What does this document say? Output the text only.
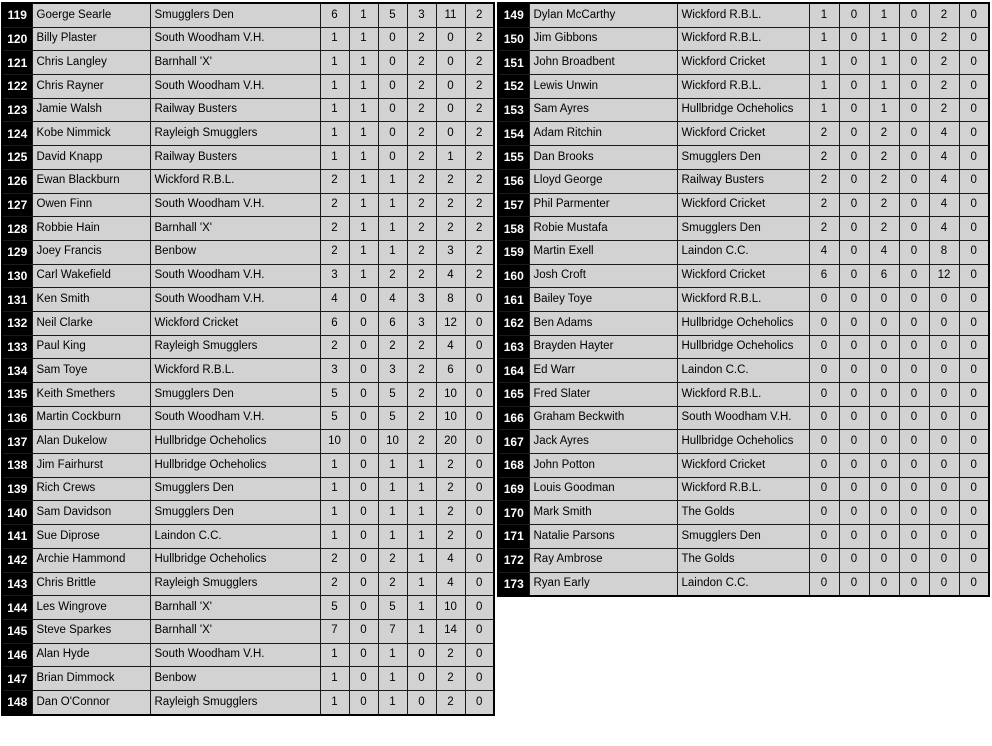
119	Goerge Searle	Smugglers Den	6	1	5	3	11	2
120	Billy Plaster	South Woodham V.H.	1	1	0	2	0	2
121	Chris Langley	Barnhall 'X'	1	1	0	2	0	2
122	Chris Rayner	South Woodham V.H.	1	1	0	2	0	2
123	Jamie Walsh	Railway Busters	1	1	0	2	0	2
124	Kobe Nimmick	Rayleigh Smugglers	1	1	0	2	0	2
125	David Knapp	Railway Busters	1	1	0	2	1	2
126	Ewan Blackburn	Wickford R.B.L.	2	1	1	2	2	2
127	Owen Finn	South Woodham V.H.	2	1	1	2	2	2
128	Robbie Hain	Barnhall 'X'	2	1	1	2	2	2
129	Joey Francis	Benbow	2	1	1	2	3	2
130	Carl Wakefield	South Woodham V.H.	3	1	2	2	4	2
131	Ken Smith	South Woodham V.H.	4	0	4	3	8	0
132	Neil Clarke	Wickford Cricket	6	0	6	3	12	0
133	Paul King	Rayleigh Smugglers	2	0	2	2	4	0
134	Sam Toye	Wickford R.B.L.	3	0	3	2	6	0
135	Keith Smethers	Smugglers Den	5	0	5	2	10	0
136	Martin Cockburn	South Woodham V.H.	5	0	5	2	10	0
137	Alan Dukelow	Hullbridge Ocheholics	10	0	10	2	20	0
138	Jim Fairhurst	Hullbridge Ocheholics	1	0	1	1	2	0
139	Rich Crews	Smugglers Den	1	0	1	1	2	0
140	Sam Davidson	Smugglers Den	1	0	1	1	2	0
141	Sue Diprose	Laindon C.C.	1	0	1	1	2	0
142	Archie Hammond	Hullbridge Ocheholics	2	0	2	1	4	0
143	Chris Brittle	Rayleigh Smugglers	2	0	2	1	4	0
144	Les Wingrove	Barnhall 'X'	5	0	5	1	10	0
145	Steve Sparkes	Barnhall 'X'	7	0	7	1	14	0
146	Alan Hyde	South Woodham V.H.	1	0	1	0	2	0
147	Brian Dimmock	Benbow	1	0	1	0	2	0
148	Dan O'Connor	Rayleigh Smugglers	1	0	1	0	2	0
149	Dylan McCarthy	Wickford R.B.L.	1	0	1	0	2	0
150	Jim Gibbons	Wickford R.B.L.	1	0	1	0	2	0
151	John Broadbent	Wickford Cricket	1	0	1	0	2	0
152	Lewis Unwin	Wickford R.B.L.	1	0	1	0	2	0
153	Sam Ayres	Hullbridge Ocheholics	1	0	1	0	2	0
154	Adam Ritchin	Wickford Cricket	2	0	2	0	4	0
155	Dan Brooks	Smugglers Den	2	0	2	0	4	0
156	Lloyd George	Railway Busters	2	0	2	0	4	0
157	Phil Parmenter	Wickford Cricket	2	0	2	0	4	0
158	Robie Mustafa	Smugglers Den	2	0	2	0	4	0
159	Martin Exell	Laindon C.C.	4	0	4	0	8	0
160	Josh Croft	Wickford Cricket	6	0	6	0	12	0
161	Bailey Toye	Wickford R.B.L.	0	0	0	0	0	0
162	Ben Adams	Hullbridge Ocheholics	0	0	0	0	0	0
163	Brayden Hayter	Hullbridge Ocheholics	0	0	0	0	0	0
164	Ed Warr	Laindon C.C.	0	0	0	0	0	0
165	Fred Slater	Wickford R.B.L.	0	0	0	0	0	0
166	Graham Beckwith	South Woodham V.H.	0	0	0	0	0	0
167	Jack Ayres	Hullbridge Ocheholics	0	0	0	0	0	0
168	John Potton	Wickford Cricket	0	0	0	0	0	0
169	Louis Goodman	Wickford R.B.L.	0	0	0	0	0	0
170	Mark Smith	The Golds	0	0	0	0	0	0
171	Natalie Parsons	Smugglers Den	0	0	0	0	0	0
172	Ray Ambrose	The Golds	0	0	0	0	0	0
173	Ryan Early	Laindon C.C.	0	0	0	0	0	0
